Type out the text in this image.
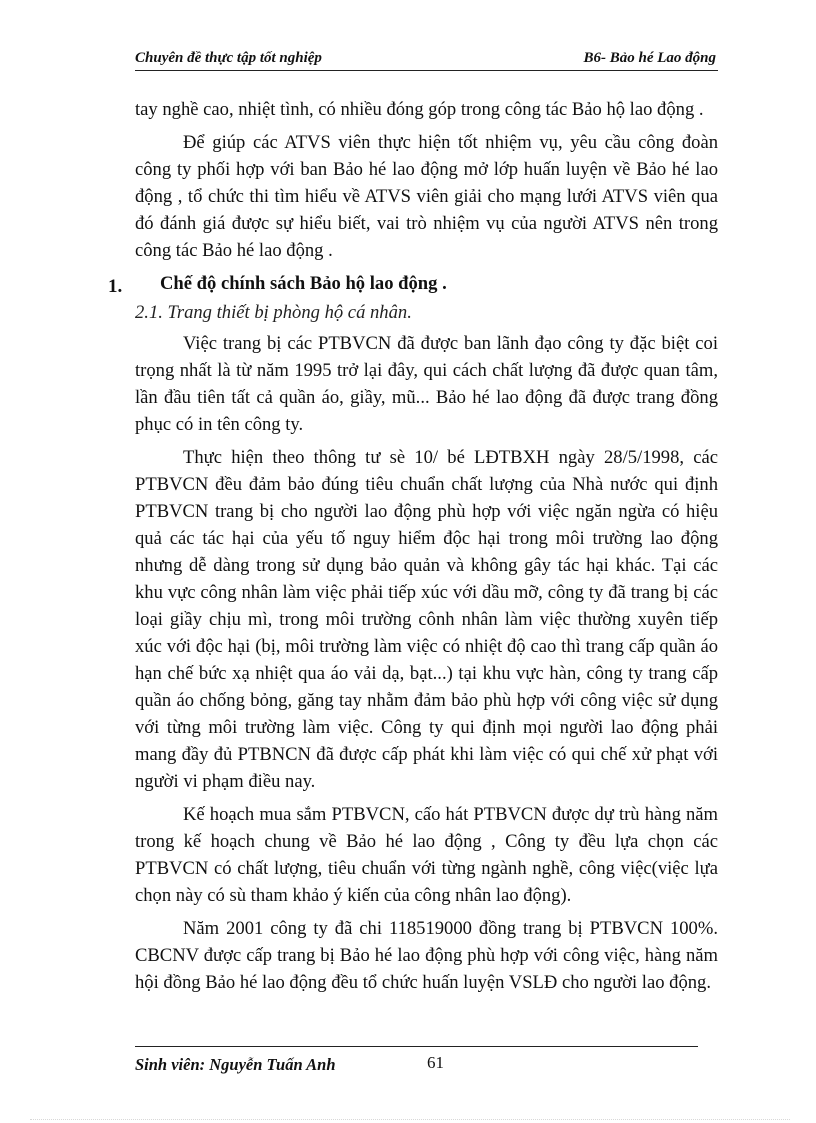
Chuyên đề thực tập tốt nghiệp	B6- Bảo hé Lao động

tay nghề cao, nhiệt tình, có nhiều đóng góp trong công tác Bảo hộ lao động .

Để giúp các ATVS viên thực hiện tốt nhiệm vụ, yêu cầu công đoàn công ty phối hợp với ban Bảo hé lao động mở lớp huấn luyện về Bảo hé lao động , tổ chức thi tìm hiểu về ATVS viên giải cho mạng lưới ATVS viên qua đó đánh giá được sự hiểu biết, vai trò nhiệm vụ của người ATVS nên trong công tác Bảo hé lao động .

1. Chế độ chính sách Bảo hộ lao động .
2.1. Trang thiết bị phòng hộ cá nhân.

Việc trang bị các PTBVCN đã được ban lãnh đạo công ty đặc biệt coi trọng nhất là từ năm 1995 trở lại đây, qui cách chất lượng đã được quan tâm, lần đầu tiên tất cả quần áo, giầy, mũ... Bảo hé lao động đã được trang đồng phục có in tên công ty.

Thực hiện theo thông tư sè 10/ bé LĐTBXH ngày 28/5/1998, các PTBVCN đều đảm bảo đúng tiêu chuẩn chất lượng của Nhà nước qui định PTBVCN trang bị cho người lao động phù hợp với việc ngăn ngừa có hiệu quả các tác hại của yếu tố nguy hiểm độc hại trong môi trường lao động nhưng dễ dàng trong sử dụng bảo quản và không gây tác hại khác. Tại các khu vực công nhân làm việc phải tiếp xúc với dầu mỡ, công ty đã trang bị các loại giầy chịu mì, trong môi trường cônh nhân làm việc thường xuyên tiếp xúc với độc hại (bị, môi trường làm việc có nhiệt độ cao thì trang cấp quần áo hạn chế bức xạ nhiệt qua áo vải dạ, bạt...) tại khu vực hàn, công ty trang cấp quần áo chống bỏng, găng tay nhằm đảm bảo phù hợp với công việc sử dụng với từng môi trường làm việc. Công ty qui định mọi người lao động phải mang đầy đủ PTBNCN đã được cấp phát khi làm việc có qui chế xử phạt với người vi phạm điều nay.

Kế hoạch mua sắm PTBVCN, cấo hát PTBVCN được dự trù hàng năm trong kế hoạch chung về Bảo hé lao động , Công ty đều lựa chọn các PTBVCN có chất lượng, tiêu chuẩn với từng ngành nghề, công việc(việc lựa chọn này có sù tham khảo ý kiến của công nhân lao động).

Năm 2001 công ty đã chi 118519000 đồng trang bị PTBVCN 100%. CBCNV được cấp trang bị Bảo hé lao động phù hợp với công việc, hàng năm hội đồng Bảo hé lao động đều tổ chức huấn luyện VSLĐ cho người lao động.

Sinh viên: Nguyễn Tuấn Anh	61
